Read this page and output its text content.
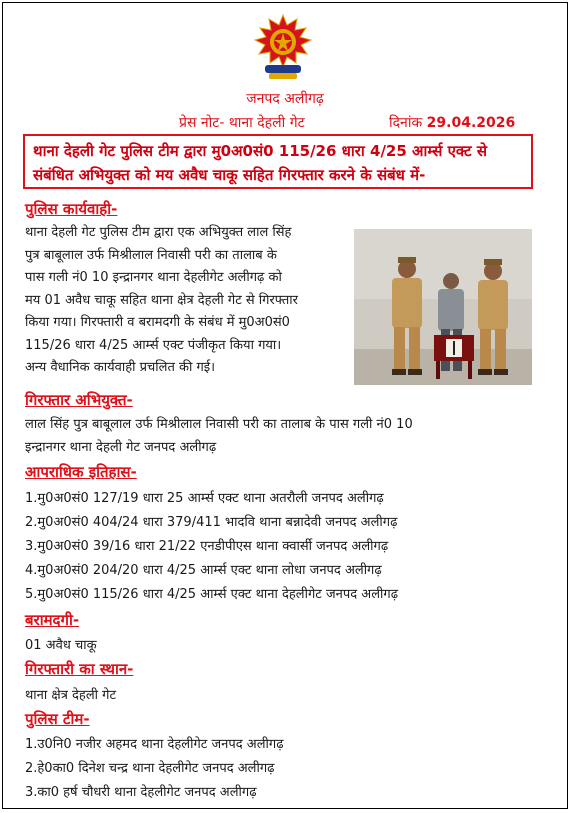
जनपद अलीगढ़
प्रेस नोट- थाना देहली गेट	दिनांक 29.04.2026
थाना देहली गेट पुलिस टीम द्वारा मु0अ0सं0 115/26 धारा 4/25 आर्म्स एक्ट से संबंधित अभियुक्त को मय अवैध चाकू सहित गिरफ्तार करने के संबंध में-
पुलिस कार्यवाही-
थाना देहली गेट पुलिस टीम द्वारा एक अभियुक्त लाल सिंह
पुत्र बाबूलाल उर्फ मिश्रीलाल निवासी परी का तालाब के
पास गली नं0 10 इन्द्रानगर थाना देहलीगेट अलीगढ़ को
मय 01 अवैध चाकू सहित थाना क्षेत्र देहली गेट से गिरफ्तार
किया गया। गिरफ्तारी व बरामदगी के संबंध में मु0अ0सं0
115/26 धारा 4/25 आर्म्स एक्ट पंजीकृत किया गया।
अन्य वैधानिक कार्यवाही प्रचलित की गई।
गिरफ्तार अभियुक्त-
लाल सिंह पुत्र बाबूलाल उर्फ मिश्रीलाल निवासी परी का तालाब के पास गली नं0 10
इन्द्रानगर थाना देहली गेट जनपद अलीगढ़
आपराधिक इतिहास-
1.मु0अ0सं0 127/19 धारा 25 आर्म्स एक्ट थाना अतरौली जनपद अलीगढ़
2.मु0अ0सं0 404/24 धारा 379/411 भादवि थाना बन्नादेवी जनपद अलीगढ़
3.मु0अ0सं0 39/16 धारा 21/22 एनडीपीएस थाना क्वार्सी जनपद अलीगढ़
4.मु0अ0सं0 204/20 धारा 4/25 आर्म्स एक्ट थाना लोधा जनपद अलीगढ़
5.मु0अ0सं0 115/26 धारा 4/25 आर्म्स एक्ट थाना देहलीगेट जनपद अलीगढ़
बरामदगी-
01 अवैध चाकू
गिरफ्तारी का स्थान-
थाना क्षेत्र देहली गेट
पुलिस टीम-
1.उ0नि0 नजीर अहमद थाना देहलीगेट जनपद अलीगढ़
2.हे0का0 दिनेश चन्द्र थाना देहलीगेट जनपद अलीगढ़
3.का0 हर्ष चौधरी थाना देहलीगेट जनपद अलीगढ़
